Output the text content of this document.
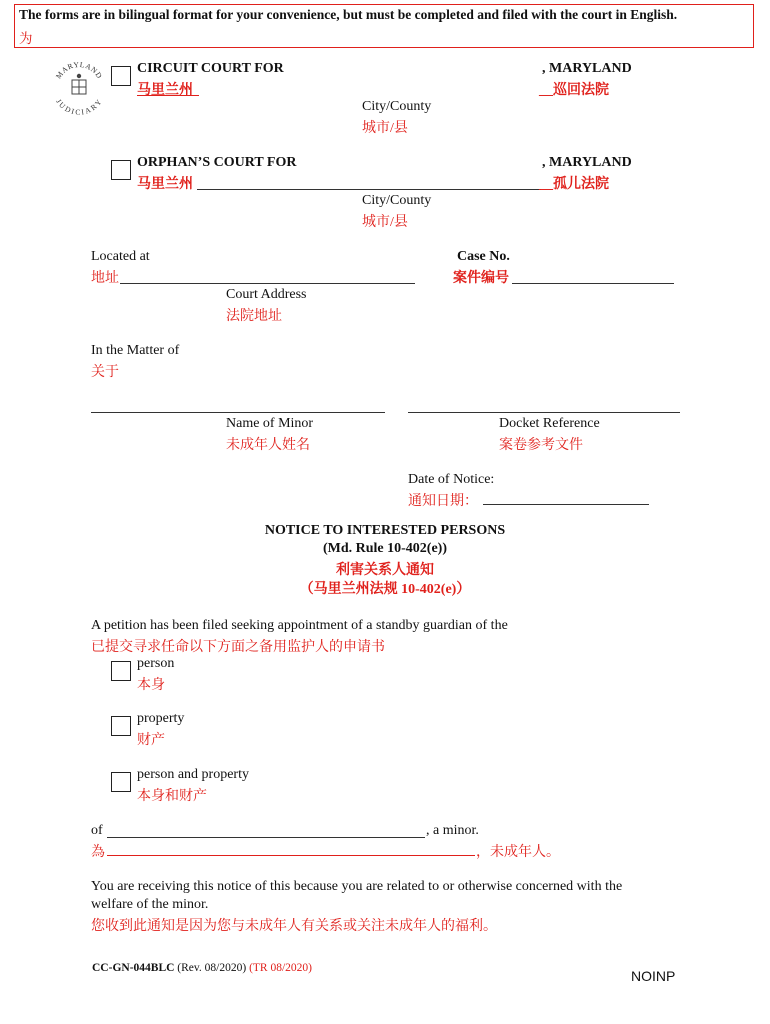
The forms are in bilingual format for your convenience, but must be completed and filed with the court in English.
为
MARYLAND
JUDICIARY
CIRCUIT COURT FOR
马里兰州
, MARYLAND
__巡回法院
City/County
城市/县
ORPHAN’S COURT FOR
马里兰州
, MARYLAND
__孤儿法院
City/County
城市/县
Located at
地址
Court Address
法院地址
Case No.
案件编号
In the Matter of
关于
Name of Minor
未成年人姓名
Docket Reference
案卷参考文件
Date of Notice:
通知日期：
NOTICE TO INTERESTED PERSONS
(Md. Rule 10-402(e))
利害关系人通知
（马里兰州法规 10-402(e)）
A petition has been filed seeking appointment of a standby guardian of the
已提交寻求任命以下方面之备用监护人的申请书
person
本身
property
财产
person and property
本身和财产
of	, a minor.
為	，未成年人。
You are receiving this notice of this because you are related to or otherwise concerned with the
welfare of the minor.
您收到此通知是因为您与未成年人有关系或关注未成年人的福利。
CC-GN-044BLC (Rev. 08/2020) (TR 08/2020)	NOINP
